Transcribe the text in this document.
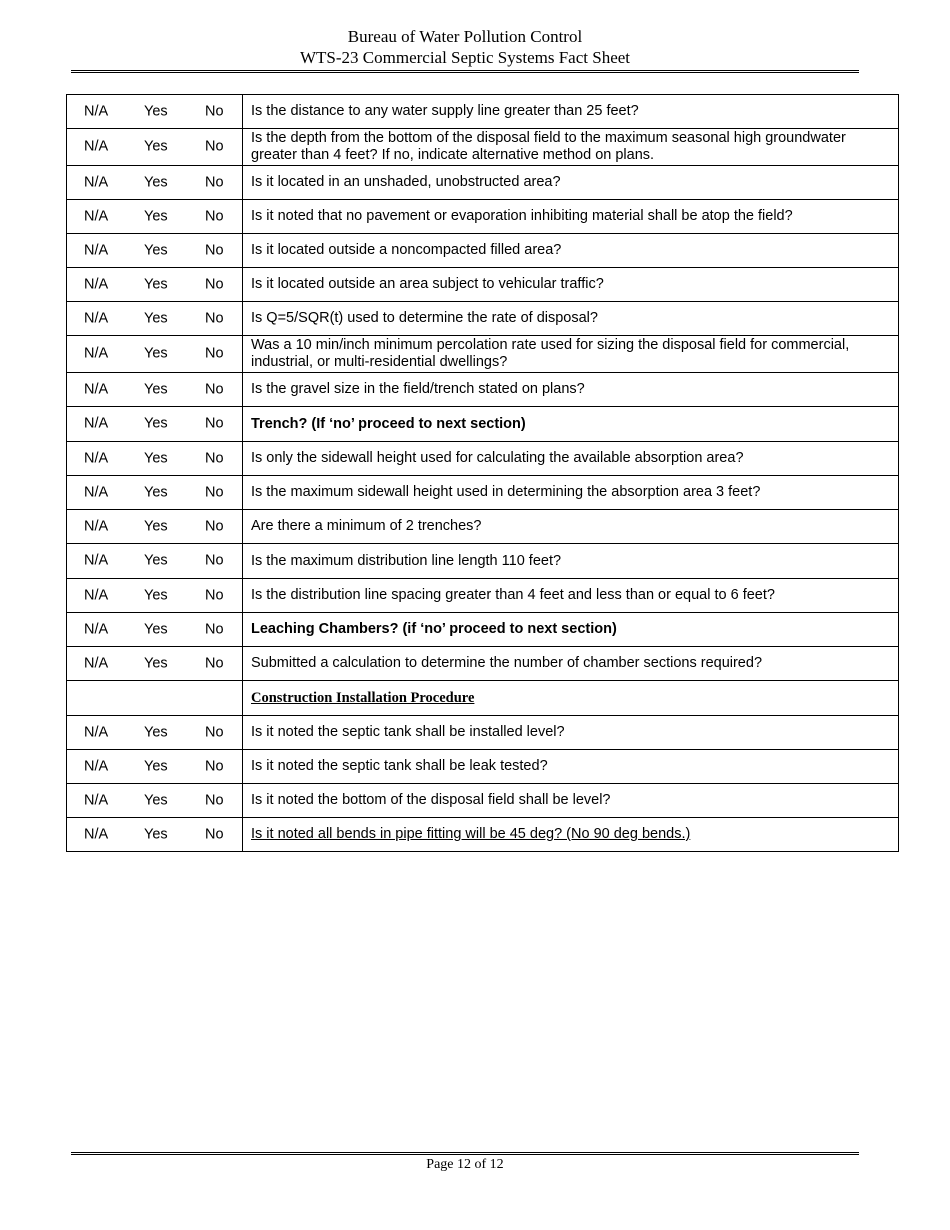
Bureau of Water Pollution Control
WTS-23 Commercial Septic Systems Fact Sheet
N/A Yes No	Is the distance to any water supply line greater than 25 feet?

N/A Yes No	Is the depth from the bottom of the disposal field to the maximum seasonal high groundwater greater than 4 feet? If no, indicate alternative method on plans.

N/A Yes No	Is it located in an unshaded, unobstructed area?

N/A Yes No	Is it noted that no pavement or evaporation inhibiting material shall be atop the field?

N/A Yes No	Is it located outside a noncompacted filled area?

N/A Yes No	Is it located outside an area subject to vehicular traffic?

N/A Yes No	Is Q=5/SQR(t) used to determine the rate of disposal?

N/A Yes No	Was a 10 min/inch minimum percolation rate used for sizing the disposal field for commercial, industrial, or multi-residential dwellings?

N/A Yes No	Is the gravel size in the field/trench stated on plans?

N/A Yes No	Trench? (If ‘no’ proceed to next section)

N/A Yes No	Is only the sidewall height used for calculating the available absorption area?

N/A Yes No	Is the maximum sidewall height used in determining the absorption area 3 feet?

N/A Yes No	Are there a minimum of 2 trenches?

N/A Yes No	Is the maximum distribution line length 110 feet?

N/A Yes No	Is the distribution line spacing greater than 4 feet and less than or equal to 6 feet?

N/A Yes No	Leaching Chambers? (if ‘no’ proceed to next section)

N/A Yes No	Submitted a calculation to determine the number of chamber sections required?
	Construction Installation Procedure

N/A Yes No	Is it noted the septic tank shall be installed level?

N/A Yes No	Is it noted the septic tank shall be leak tested?

N/A Yes No	Is it noted the bottom of the disposal field shall be level?

N/A Yes No	Is it noted all bends in pipe fitting will be 45 deg? (No 90 deg bends.)
Page 12 of 12
